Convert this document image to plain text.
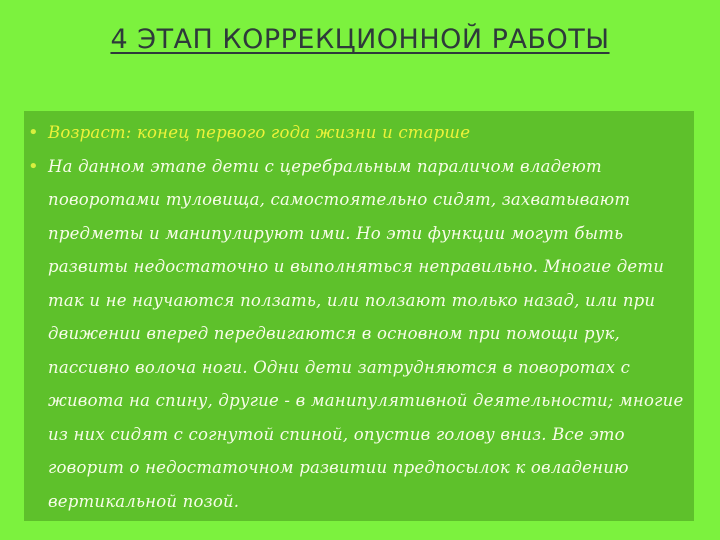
4 ЭТАП КОРРЕКЦИОННОЙ РАБОТЫ
• Возраст: конец первого года жизни и старше
• На данном этапе дети с церебральным параличом владеют поворотами туловища, самостоятельно сидят, захватывают предметы и манипулируют ими. Но эти функции могут быть развиты недостаточно и выполняться неправильно. Многие дети так и не научаются ползать, или ползают только назад, или при движении вперед передвигаются в основном при помощи рук, пассивно волоча ноги. Одни дети затрудняются в поворотах с живота на спину, другие - в манипулятивной деятельности; многие из них сидят с согнутой спиной, опустив голову вниз. Все это говорит о недостаточном развитии предпосылок к овладению вертикальной позой.
